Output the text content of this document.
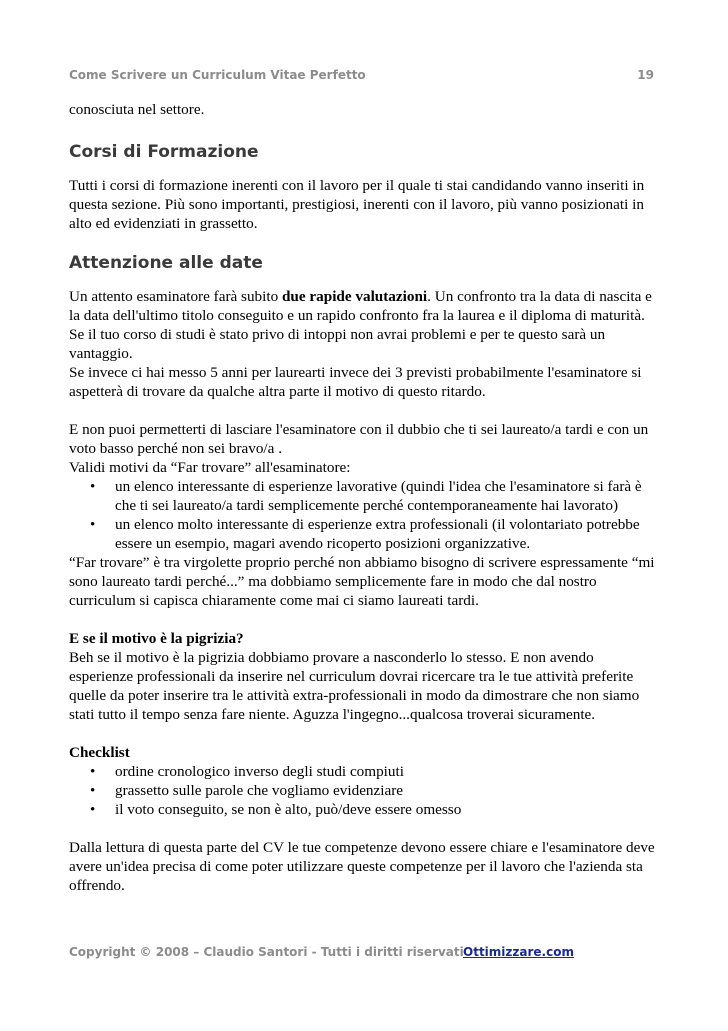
Come Scrivere un Curriculum Vitae Perfetto	19

conosciuta nel settore.

Corsi di Formazione

Tutti i corsi di formazione inerenti con il lavoro per il quale ti stai candidando vanno inseriti in questa sezione. Più sono importanti, prestigiosi, inerenti con il lavoro, più vanno posizionati in alto ed evidenziati in grassetto.

Attenzione alle date

Un attento esaminatore farà subito due rapide valutazioni. Un confronto tra la data di nascita e la data dell'ultimo titolo conseguito e un rapido confronto fra la laurea e il diploma di maturità. Se il tuo corso di studi è stato privo di intoppi non avrai problemi e per te questo sarà un vantaggio.

Se invece ci hai messo 5 anni per laurearti invece dei 3 previsti probabilmente l'esaminatore si aspetterà di trovare da qualche altra parte il motivo di questo ritardo.

E non puoi permetterti di lasciare l'esaminatore con il dubbio che ti sei laureato/a tardi e con un voto basso perché non sei bravo/a .

Validi motivi da “Far trovare” all'esaminatore:

• un elenco interessante di esperienze lavorative (quindi l'idea che l'esaminatore si farà è che ti sei laureato/a tardi semplicemente perché contemporaneamente hai lavorato)
• un elenco molto interessante di esperienze extra professionali (il volontariato potrebbe essere un esempio, magari avendo ricoperto posizioni organizzative.

“Far trovare” è tra virgolette proprio perché non abbiamo bisogno di scrivere espressamente “mi sono laureato tardi perché...” ma dobbiamo semplicemente fare in modo che dal nostro curriculum si capisca chiaramente come mai ci siamo laureati tardi.

E se il motivo è la pigrizia?

Beh se il motivo è la pigrizia dobbiamo provare a nasconderlo lo stesso. E non avendo esperienze professionali da inserire nel curriculum dovrai ricercare tra le tue attività preferite quelle da poter inserire tra le attività extra-professionali in modo da dimostrare che non siamo stati tutto il tempo senza fare niente. Aguzza l'ingegno...qualcosa troverai sicuramente.

Checklist

• ordine cronologico inverso degli studi compiuti
• grassetto sulle parole che vogliamo evidenziare
• il voto conseguito, se non è alto, può/deve essere omesso

Dalla lettura di questa parte del CV le tue competenze devono essere chiare e l'esaminatore deve avere un'idea precisa di come poter utilizzare queste competenze per il lavoro che l'azienda sta offrendo.

Copyright © 2008 – Claudio Santori - Tutti i diritti riservati Ottimizzare.com
